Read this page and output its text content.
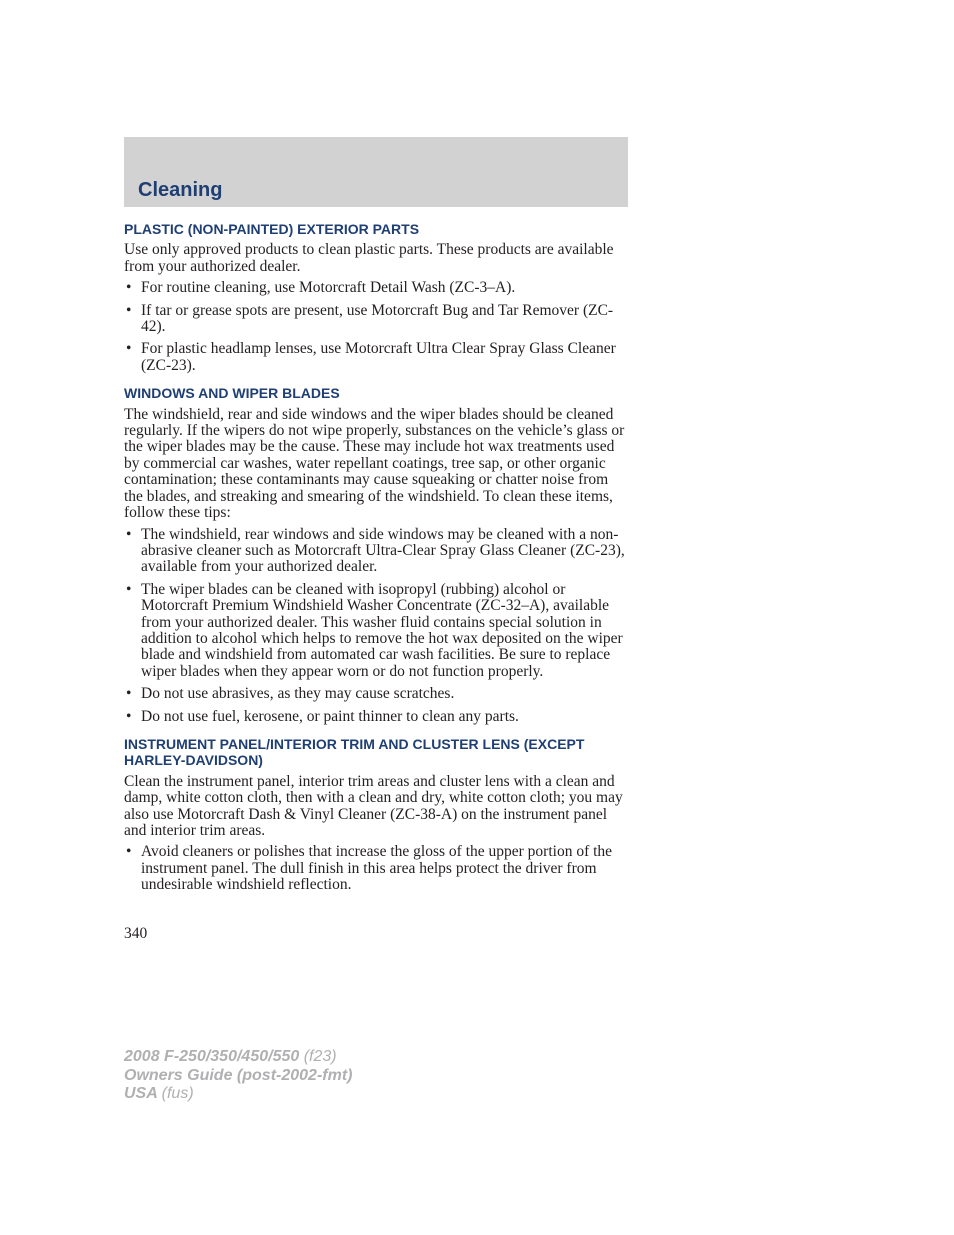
Cleaning
PLASTIC (NON-PAINTED) EXTERIOR PARTS

Use only approved products to clean plastic parts. These products are available from your authorized dealer.

• For routine cleaning, use Motorcraft Detail Wash (ZC-3–A).
• If tar or grease spots are present, use Motorcraft Bug and Tar Remover (ZC-42).
• For plastic headlamp lenses, use Motorcraft Ultra Clear Spray Glass Cleaner (ZC-23).
WINDOWS AND WIPER BLADES

The windshield, rear and side windows and the wiper blades should be cleaned regularly. If the wipers do not wipe properly, substances on the vehicle’s glass or the wiper blades may be the cause. These may include hot wax treatments used by commercial car washes, water repellant coatings, tree sap, or other organic contamination; these contaminants may cause squeaking or chatter noise from the blades, and streaking and smearing of the windshield. To clean these items, follow these tips:

• The windshield, rear windows and side windows may be cleaned with a non-abrasive cleaner such as Motorcraft Ultra-Clear Spray Glass Cleaner (ZC-23), available from your authorized dealer.
• The wiper blades can be cleaned with isopropyl (rubbing) alcohol or Motorcraft Premium Windshield Washer Concentrate (ZC-32–A), available from your authorized dealer. This washer fluid contains special solution in addition to alcohol which helps to remove the hot wax deposited on the wiper blade and windshield from automated car wash facilities. Be sure to replace wiper blades when they appear worn or do not function properly.
• Do not use abrasives, as they may cause scratches.
• Do not use fuel, kerosene, or paint thinner to clean any parts.
INSTRUMENT PANEL/INTERIOR TRIM AND CLUSTER LENS (EXCEPT HARLEY-DAVIDSON)

Clean the instrument panel, interior trim areas and cluster lens with a clean and damp, white cotton cloth, then with a clean and dry, white cotton cloth; you may also use Motorcraft Dash & Vinyl Cleaner (ZC-38-A) on the instrument panel and interior trim areas.

• Avoid cleaners or polishes that increase the gloss of the upper portion of the instrument panel. The dull finish in this area helps protect the driver from undesirable windshield reflection.
340
2008 F-250/350/450/550 (f23)
Owners Guide (post-2002-fmt)
USA (fus)
